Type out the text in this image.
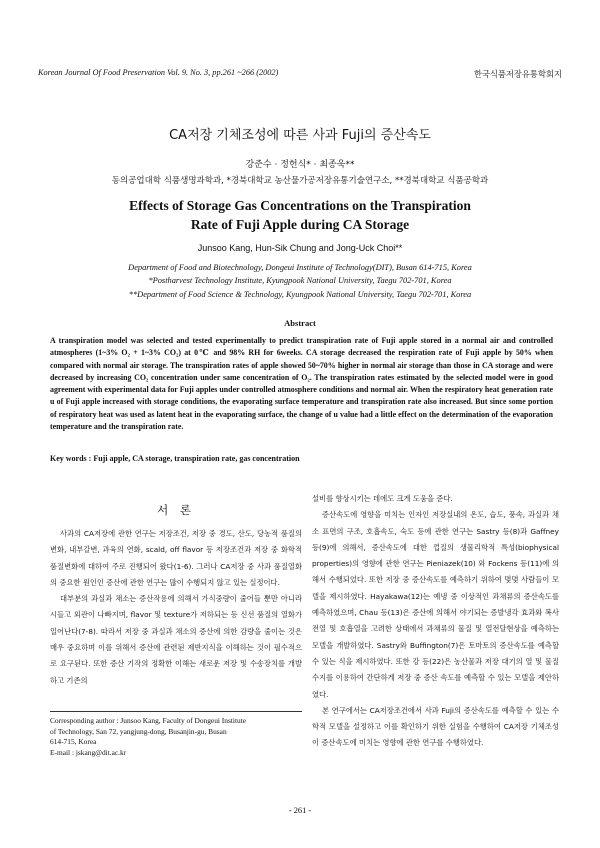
Korean Journal Of Food Preservation Vol. 9. No. 3, pp.261 ~266 (2002)	한국식품저장유통학회지
CA저장 기체조성에 따른 사과 Fuji의 증산속도
강준수 · 정헌식* · 최종욱**
동의공업대학 식품생명과학과, *경북대학교 농산물가공저장유통기술연구소, **경북대학교 식품공학과
Effects of Storage Gas Concentrations on the Transpiration
Rate of Fuji Apple during CA Storage
Junsoo Kang, Hun-Sik Chung and Jong-Uck Choi**
Department of Food and Biotechnology, Dongeui Institute of Technology(DIT), Busan 614-715, Korea
*Postharvest Technology Institute, Kyungpook National University, Taegu 702-701, Korea
**Department of Food Science & Technology, Kyungpook National University, Taegu 702-701, Korea
Abstract
A transpiration model was selected and tested experimentally to predict transpiration rate of Fuji apple stored in a normal air and controlled atmospheres (1~3% O₂ + 1~3% CO₂) at 0℃ and 98% RH for 6weeks. CA storage decreased the respiration rate of Fuji apple by 50% when compared with normal air storage. The transpiration rates of apple showed 50~70% higher in normal air storage than those in CA storage and were decreased by increasing CO₂ concentration under same concentration of O₂. The transpiration rates estimated by the selected model were in good agreement with experimental data for Fuji apples under controlled atmosphere conditions and normal air. When the respiratory heat generation rate u of Fuji apple increased with storage conditions, the evaporating surface temperature and transpiration rate also increased. But since some portion of respiratory heat was used as latent heat in the evaporating surface, the change of u value had a little effect on the determination of the evaporation temperature and the transpiration rate.
Key words : Fuji apple, CA storage, transpiration rate, gas concentration
서 론

사과의 CA저장에 관한 연구는 저장조건, 저장 중 경도, 산도, 당농적 품질의 변화, 내부갈변, 과육의 연화, scald, off flavor 등 저장조건과 저장 중 화학적 품질변화에 대하여 주로 진행되어 왔다(1-6). 그러나 CA저장 중 사과 품질열화의 중요한 원인인 증산에 관한 연구는 많이 수행되지 않고 있는 실정이다.

대부분의 과실과 채소는 증산작용에 의해서 가식중량이 줄어들 뿐만 아니라 시들고 외관이 나빠지며, flavor 및 texture가 저하되는 등 신선 품질의 열화가 일어난다(7-8). 따라서 저장 중 과실과 채소의 증산에 의한 감량을 줄이는 것은 매우 중요하며 이를 위해서 증산에 관련된 제반지식을 이해하는 것이 필수적으로 요구된다. 또한 증산 기작의 정확한 이해는 새로운 저장 및 수송장치를 개발하고 기존의

설비를 향상시키는 데에도 크게 도움을 준다.

증산속도에 영향을 미치는 인자인 저장실내의 온도, 습도, 풍속, 과실과 채소 표면의 구조, 호흡속도, 숙도 등에 관한 연구는 Sastry 등(8)과 Gaffney 등(9)에 의해서, 증산속도에 대한 껍질의 생물리학적 특성(biophysical properties)의 영향에 관한 연구는 Pieniazek(10) 와 Fockens 등(11)에 의해서 수행되었다. 또한 저장 중 증산속도를 예측하기 위하여 몇몇 사람들이 모델을 제시하였다. Hayakawa(12)는 예냉 중 이상적인 과채류의 증산속도를 예측하였으며, Chau 등(13)은 증산에 의해서 야기되는 증발냉각 효과와 복사전열 및 호흡열을 고려한 상태에서 과채류의 물질 및 열전달현상을 예측하는 모델을 개발하였다. Sastry와 Buffington(7)은 토마토의 증산속도를 예측할 수 있는 식을 제시하였다. 또한 강 등(22)은 농산물과 저장 대기의 열 및 물질 수지를 이용하여 간단하게 저장 중 증산 속도를 예측할 수 있는 모델을 제안하였다.

본 연구에서는 CA저장조건에서 사과 Fuji의 증산속도를 예측할 수 있는 수학적 모델을 설정하고 이를 확인하기 위한 실험을 수행하여 CA저장 기체조성이 증산속도에 미치는 영향에 관한 연구를 수행하였다.

Corresponding author : Junsoo Kang, Faculty of Dongeui Institute
of Technology, San 72, yangjung-dong, Busanjin-gu, Busan
614-715, Korea
E-mail : jskang@dit.ac.kr
- 261 -
